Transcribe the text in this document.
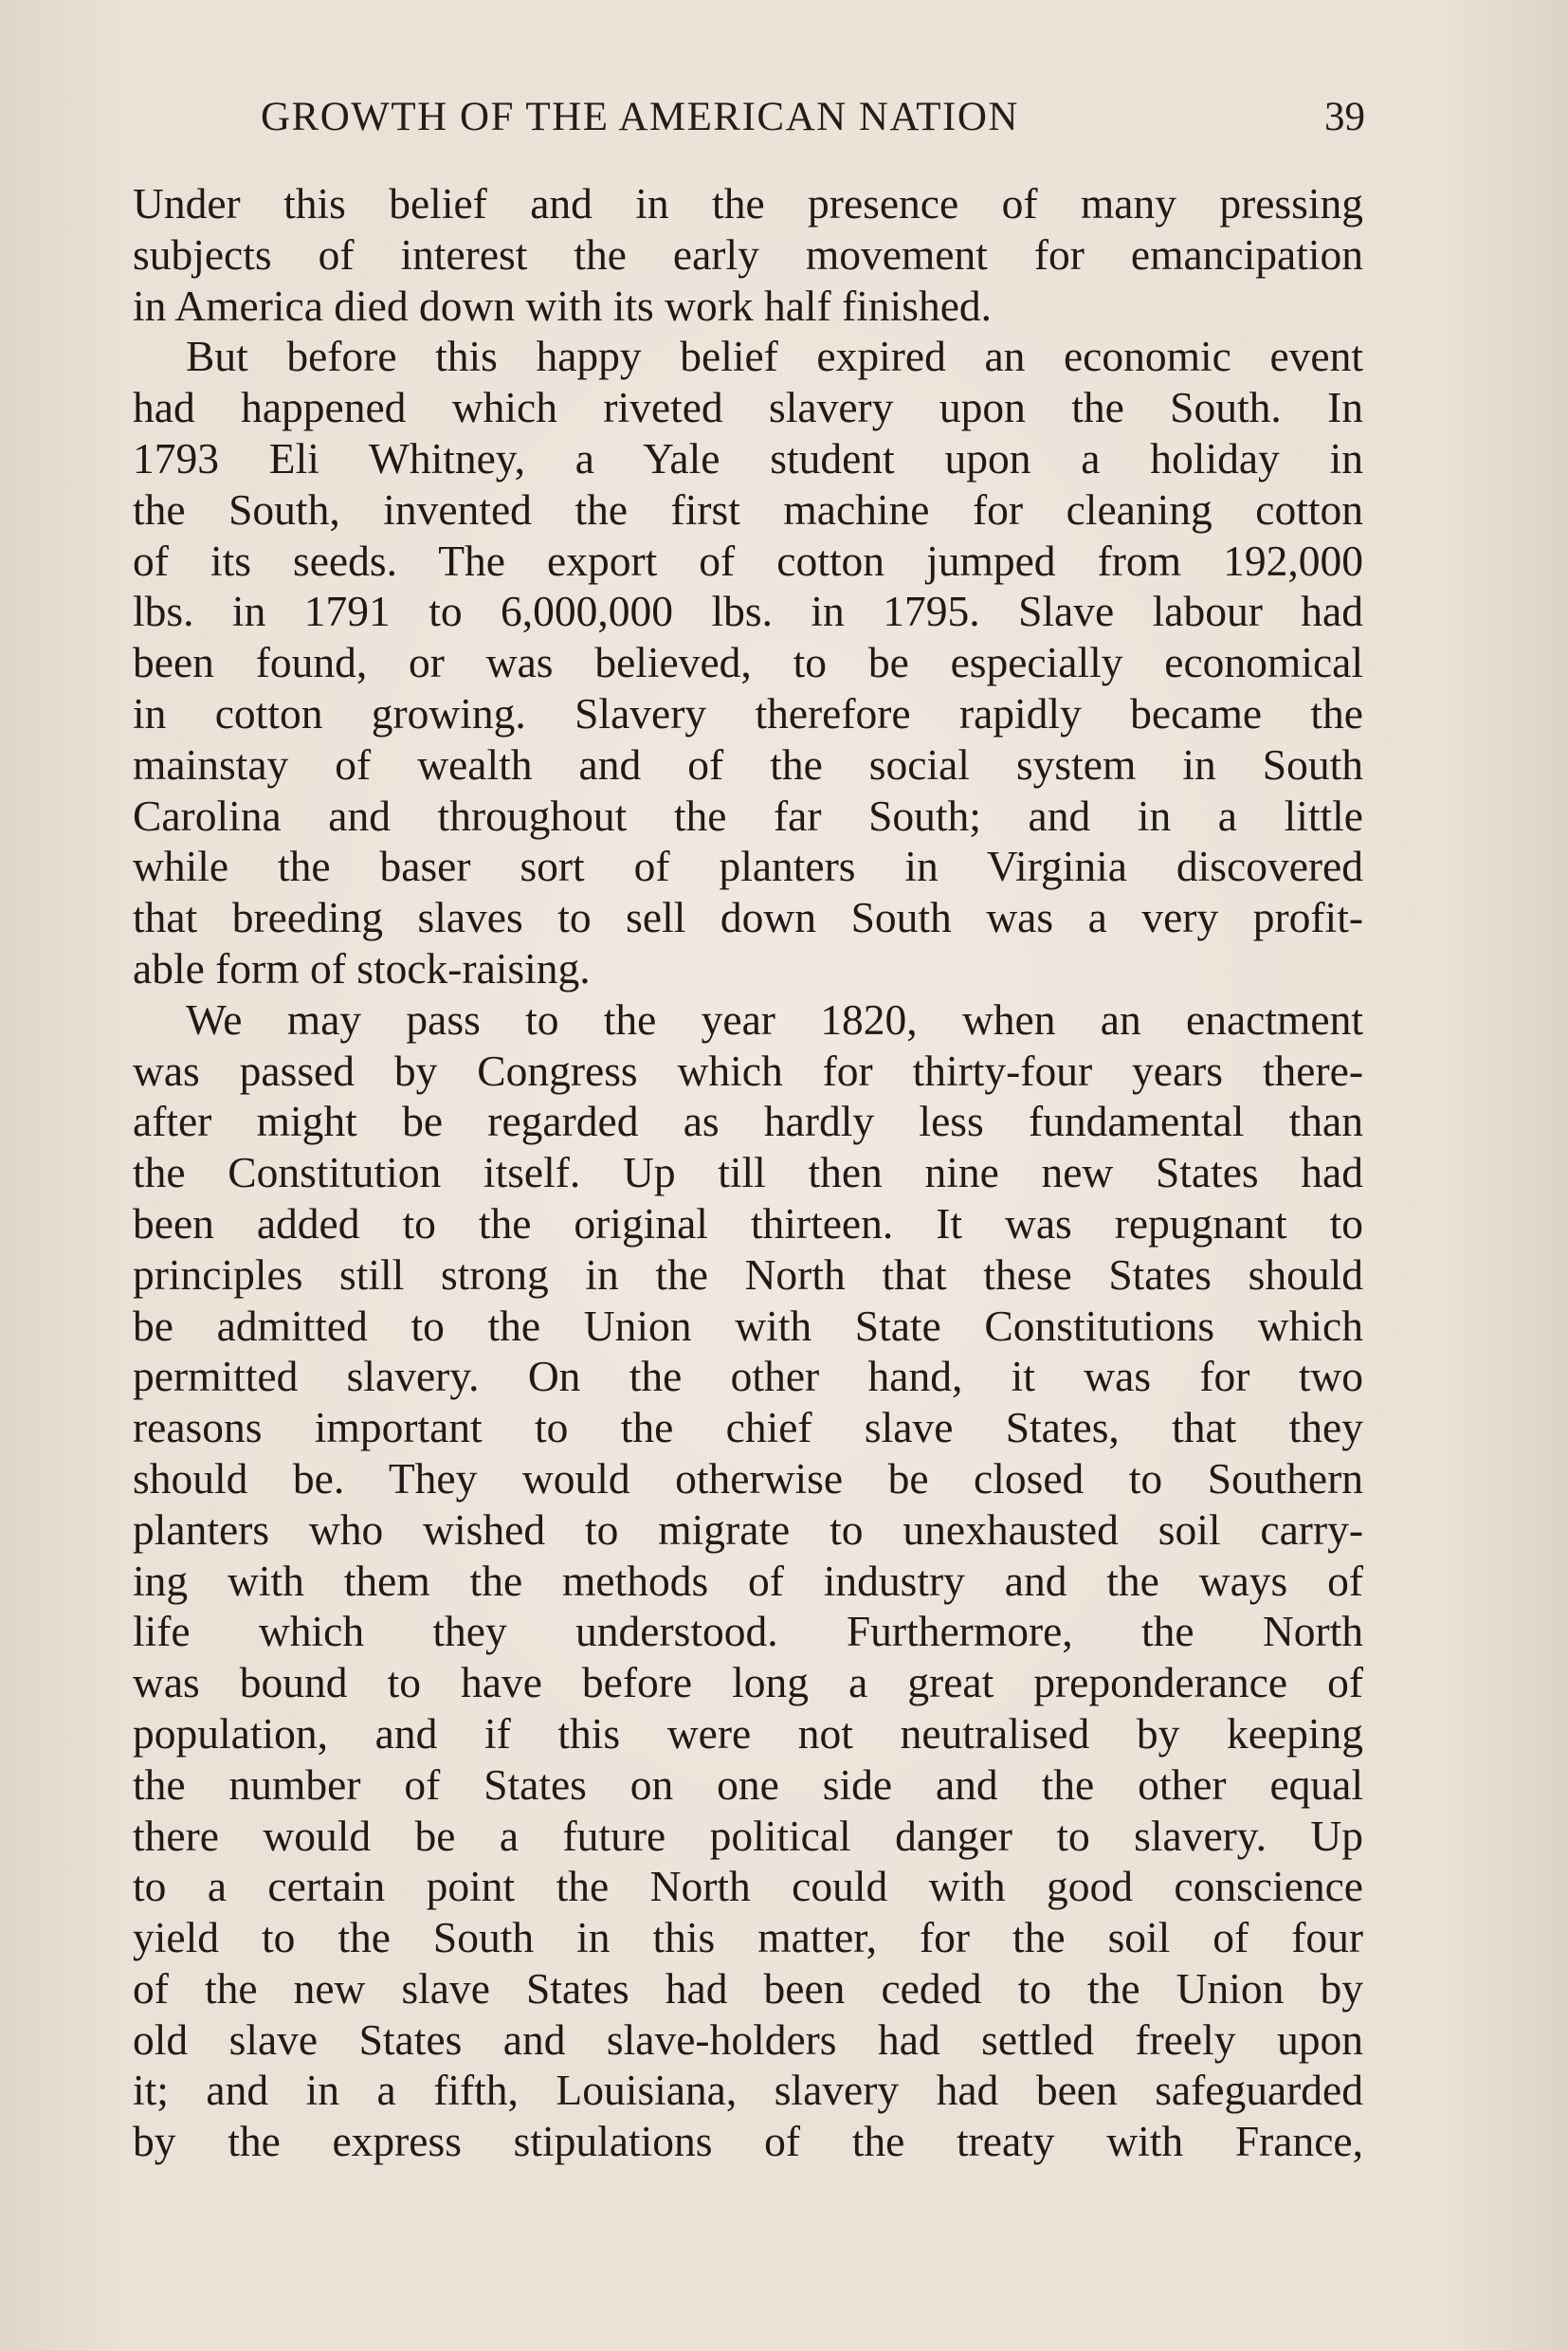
GROWTH OF THE AMERICAN NATION	39
Under this belief and in the presence of many pressing
subjects of interest the early movement for emancipation
in America died down with its work half finished.
But before this happy belief expired an economic event
had happened which riveted slavery upon the South. In
1793 Eli Whitney, a Yale student upon a holiday in
the South, invented the first machine for cleaning cotton
of its seeds. The export of cotton jumped from 192,000
lbs. in 1791 to 6,000,000 lbs. in 1795. Slave labour had
been found, or was believed, to be especially economical
in cotton growing. Slavery therefore rapidly became the
mainstay of wealth and of the social system in South
Carolina and throughout the far South; and in a little
while the baser sort of planters in Virginia discovered
that breeding slaves to sell down South was a very profit-
able form of stock-raising.
We may pass to the year 1820, when an enactment
was passed by Congress which for thirty-four years there-
after might be regarded as hardly less fundamental than
the Constitution itself. Up till then nine new States had
been added to the original thirteen. It was repugnant to
principles still strong in the North that these States should
be admitted to the Union with State Constitutions which
permitted slavery. On the other hand, it was for two
reasons important to the chief slave States, that they
should be. They would otherwise be closed to Southern
planters who wished to migrate to unexhausted soil carry-
ing with them the methods of industry and the ways of
life which they understood. Furthermore, the North
was bound to have before long a great preponderance of
population, and if this were not neutralised by keeping
the number of States on one side and the other equal
there would be a future political danger to slavery. Up
to a certain point the North could with good conscience
yield to the South in this matter, for the soil of four
of the new slave States had been ceded to the Union by
old slave States and slave-holders had settled freely upon
it; and in a fifth, Louisiana, slavery had been safeguarded
by the express stipulations of the treaty with France,
